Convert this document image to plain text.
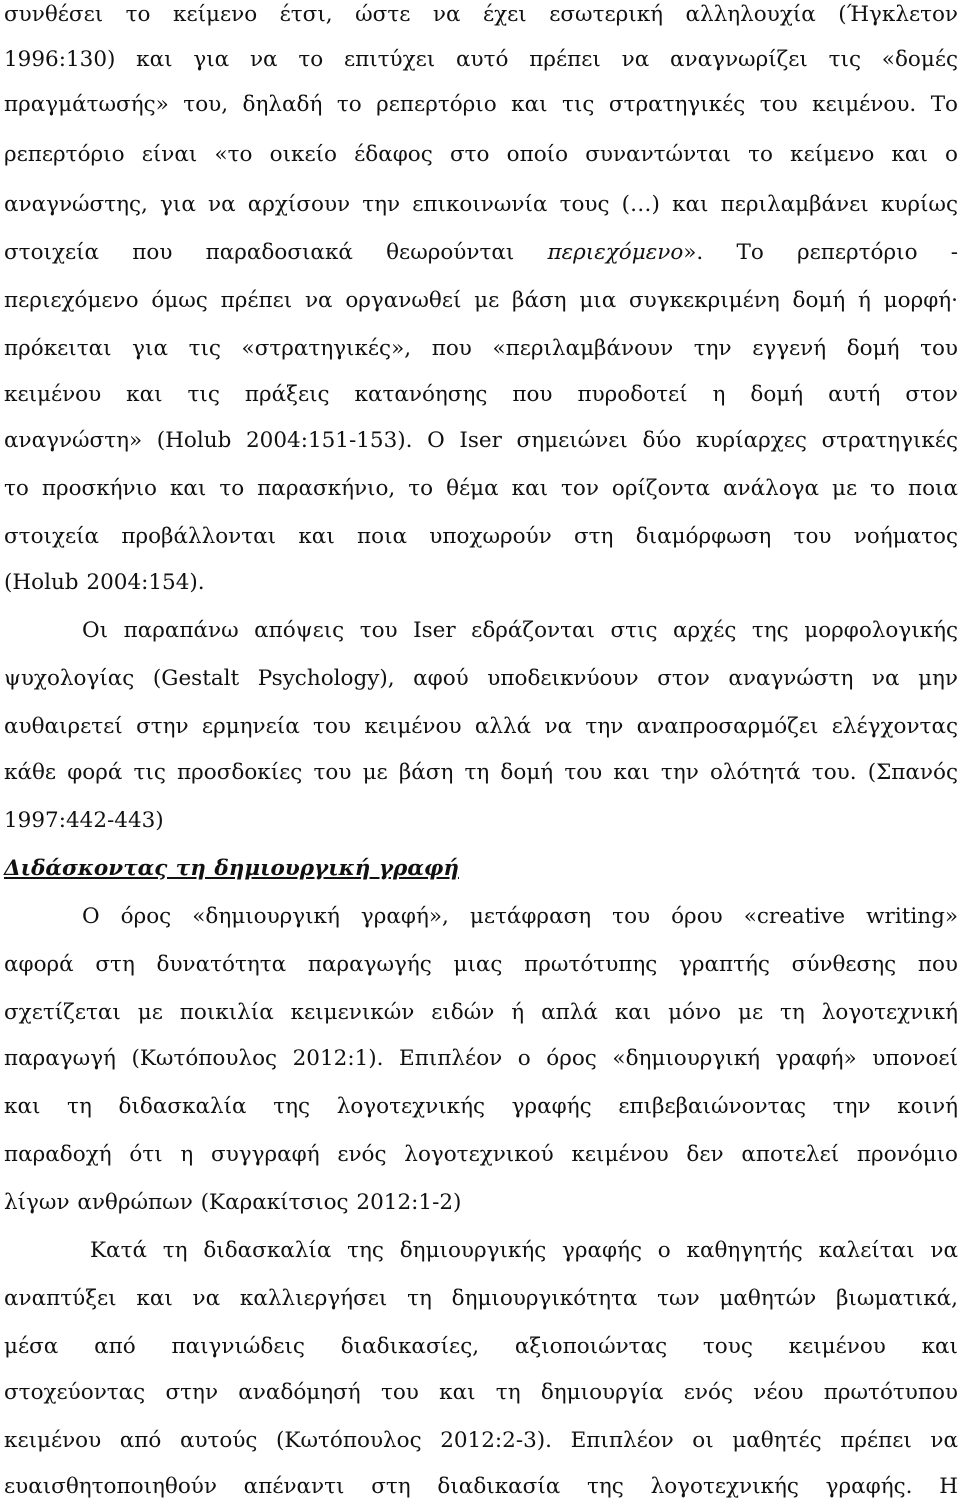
συνθέσει το κείμενο έτσι, ώστε να έχει εσωτερική αλληλουχία (Ήγκλετον
1996:130) και για να το επιτύχει αυτό πρέπει να αναγνωρίζει τις «δομές
πραγμάτωσής» του, δηλαδή το ρεπερτόριο και τις στρατηγικές του κειμένου. Το
ρεπερτόριο είναι «το οικείο έδαφος στο οποίο συναντώνται το κείμενο και ο
αναγνώστης, για να αρχίσουν την επικοινωνία τους (…) και περιλαμβάνει κυρίως
στοιχεία που παραδοσιακά θεωρούνται περιεχόμενο». Το ρεπερτόριο -
περιεχόμενο όμως πρέπει να οργανωθεί με βάση μια συγκεκριμένη δομή ή μορφή·
πρόκειται για τις «στρατηγικές», που «περιλαμβάνουν την εγγενή δομή του
κειμένου και τις πράξεις κατανόησης που πυροδοτεί η δομή αυτή στον
αναγνώστη» (Holub 2004:151-153). Ο Iser σημειώνει δύο κυρίαρχες στρατηγικές
το προσκήνιο και το παρασκήνιο, το θέμα και τον ορίζοντα ανάλογα με το ποια
στοιχεία προβάλλονται και ποια υποχωρούν στη διαμόρφωση του νοήματος
(Holub 2004:154).
Οι παραπάνω απόψεις του Iser εδράζονται στις αρχές της μορφολογικής
ψυχολογίας (Gestalt Psychology), αφού υποδεικνύουν στον αναγνώστη να μην
αυθαιρετεί στην ερμηνεία του κειμένου αλλά να την αναπροσαρμόζει ελέγχοντας
κάθε φορά τις προσδοκίες του με βάση τη δομή του και την ολότητά του. (Σπανός
1997:442-443)
Διδάσκοντας τη δημιουργική γραφή
Ο όρος «δημιουργική γραφή», μετάφραση του όρου «creative writing»
αφορά στη δυνατότητα παραγωγής μιας πρωτότυπης γραπτής σύνθεσης που
σχετίζεται με ποικιλία κειμενικών ειδών ή απλά και μόνο με τη λογοτεχνική
παραγωγή (Κωτόπουλος 2012:1). Επιπλέον ο όρος «δημιουργική γραφή» υπονοεί
και τη διδασκαλία της λογοτεχνικής γραφής επιβεβαιώνοντας την κοινή
παραδοχή ότι η συγγραφή ενός λογοτεχνικού κειμένου δεν αποτελεί προνόμιο
λίγων ανθρώπων (Καρακίτσιος 2012:1-2)
Κατά τη διδασκαλία της δημιουργικής γραφής ο καθηγητής καλείται να
αναπτύξει και να καλλιεργήσει τη δημιουργικότητα των μαθητών βιωματικά,
μέσα από παιγνιώδεις διαδικασίες, αξιοποιώντας τους κειμένου και
στοχεύοντας στην αναδόμησή του και τη δημιουργία ενός νέου πρωτότυπου
κειμένου από αυτούς (Κωτόπουλος 2012:2-3). Επιπλέον οι μαθητές πρέπει να
ευαισθητοποιηθούν απέναντι στη διαδικασία της λογοτεχνικής γραφής. Η
